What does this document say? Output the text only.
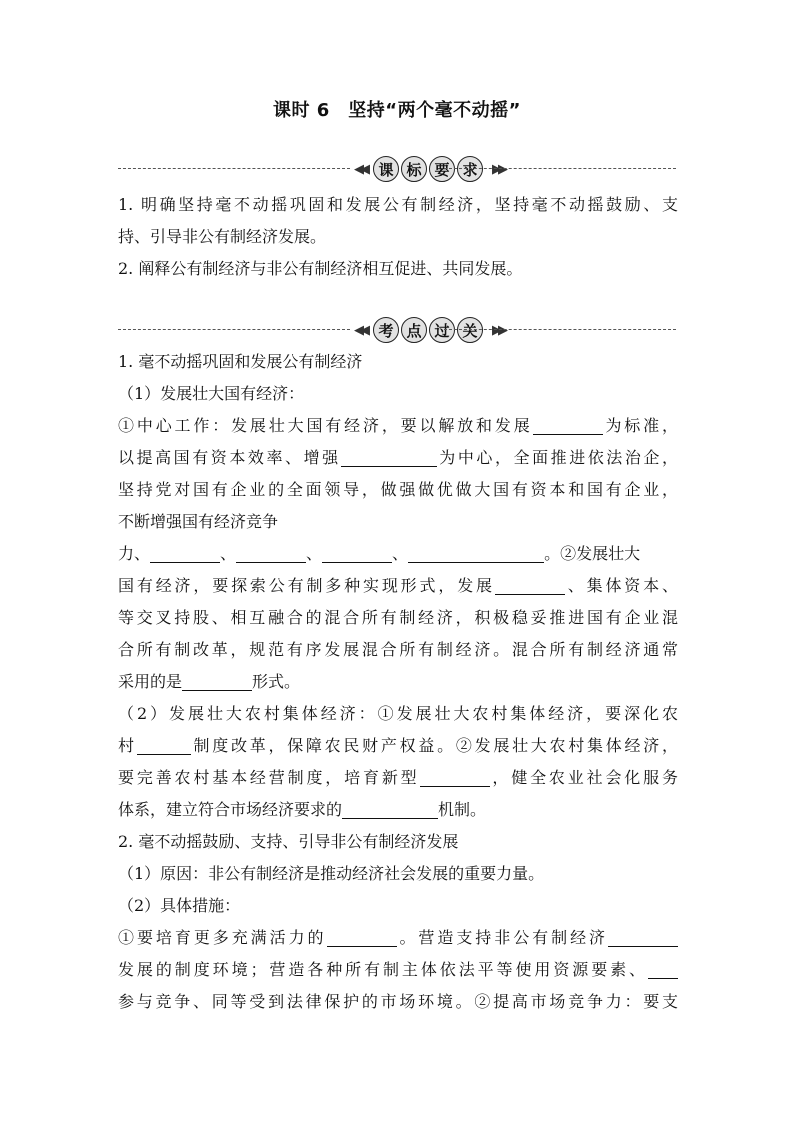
课时 6　坚持“两个毫不动摇”
◀◀ 课 标 要 求	▶▶
1. 明确坚持毫不动摇巩固和发展公有制经济，坚持毫不动摇鼓励、支
持、引导非公有制经济发展。
2. 阐释公有制经济与非公有制经济相互促进、共同发展。
◀◀ 考 点 过 关	▶▶
1. 毫不动摇巩固和发展公有制经济
（1）发展壮大国有经济：
①中心工作：发展壮大国有经济，要以解放和发展	为标准，
以提高国有资本效率、增强	为中心，全面推进依法治企，
坚持党对国有企业的全面领导，做强做优做大国有资本和国有企业，
不断增强国有经济竞争
力、	、	、	、	。②发展壮大
国有经济，要探索公有制多种实现形式，发展	、集体资本、
等交叉持股、相互融合的混合所有制经济，积极稳妥推进国有企业混
合所有制改革，规范有序发展混合所有制经济。混合所有制经济通常
采用的是	形式。
（2）发展壮大农村集体经济：①发展壮大农村集体经济，要深化农
村	制度改革，保障农民财产权益。②发展壮大农村集体经济，
要完善农村基本经营制度，培育新型	，健全农业社会化服务
体系，建立符合市场经济要求的	机制。
2. 毫不动摇鼓励、支持、引导非公有制经济发展
（1）原因：非公有制经济是推动经济社会发展的重要力量。
（2）具体措施：
①要培育更多充满活力的	。营造支持非公有制经济
发展的制度环境；营造各种所有制主体依法平等使用资源要素、
参与竞争、同等受到法律保护的市场环境。②提高市场竞争力：要支
